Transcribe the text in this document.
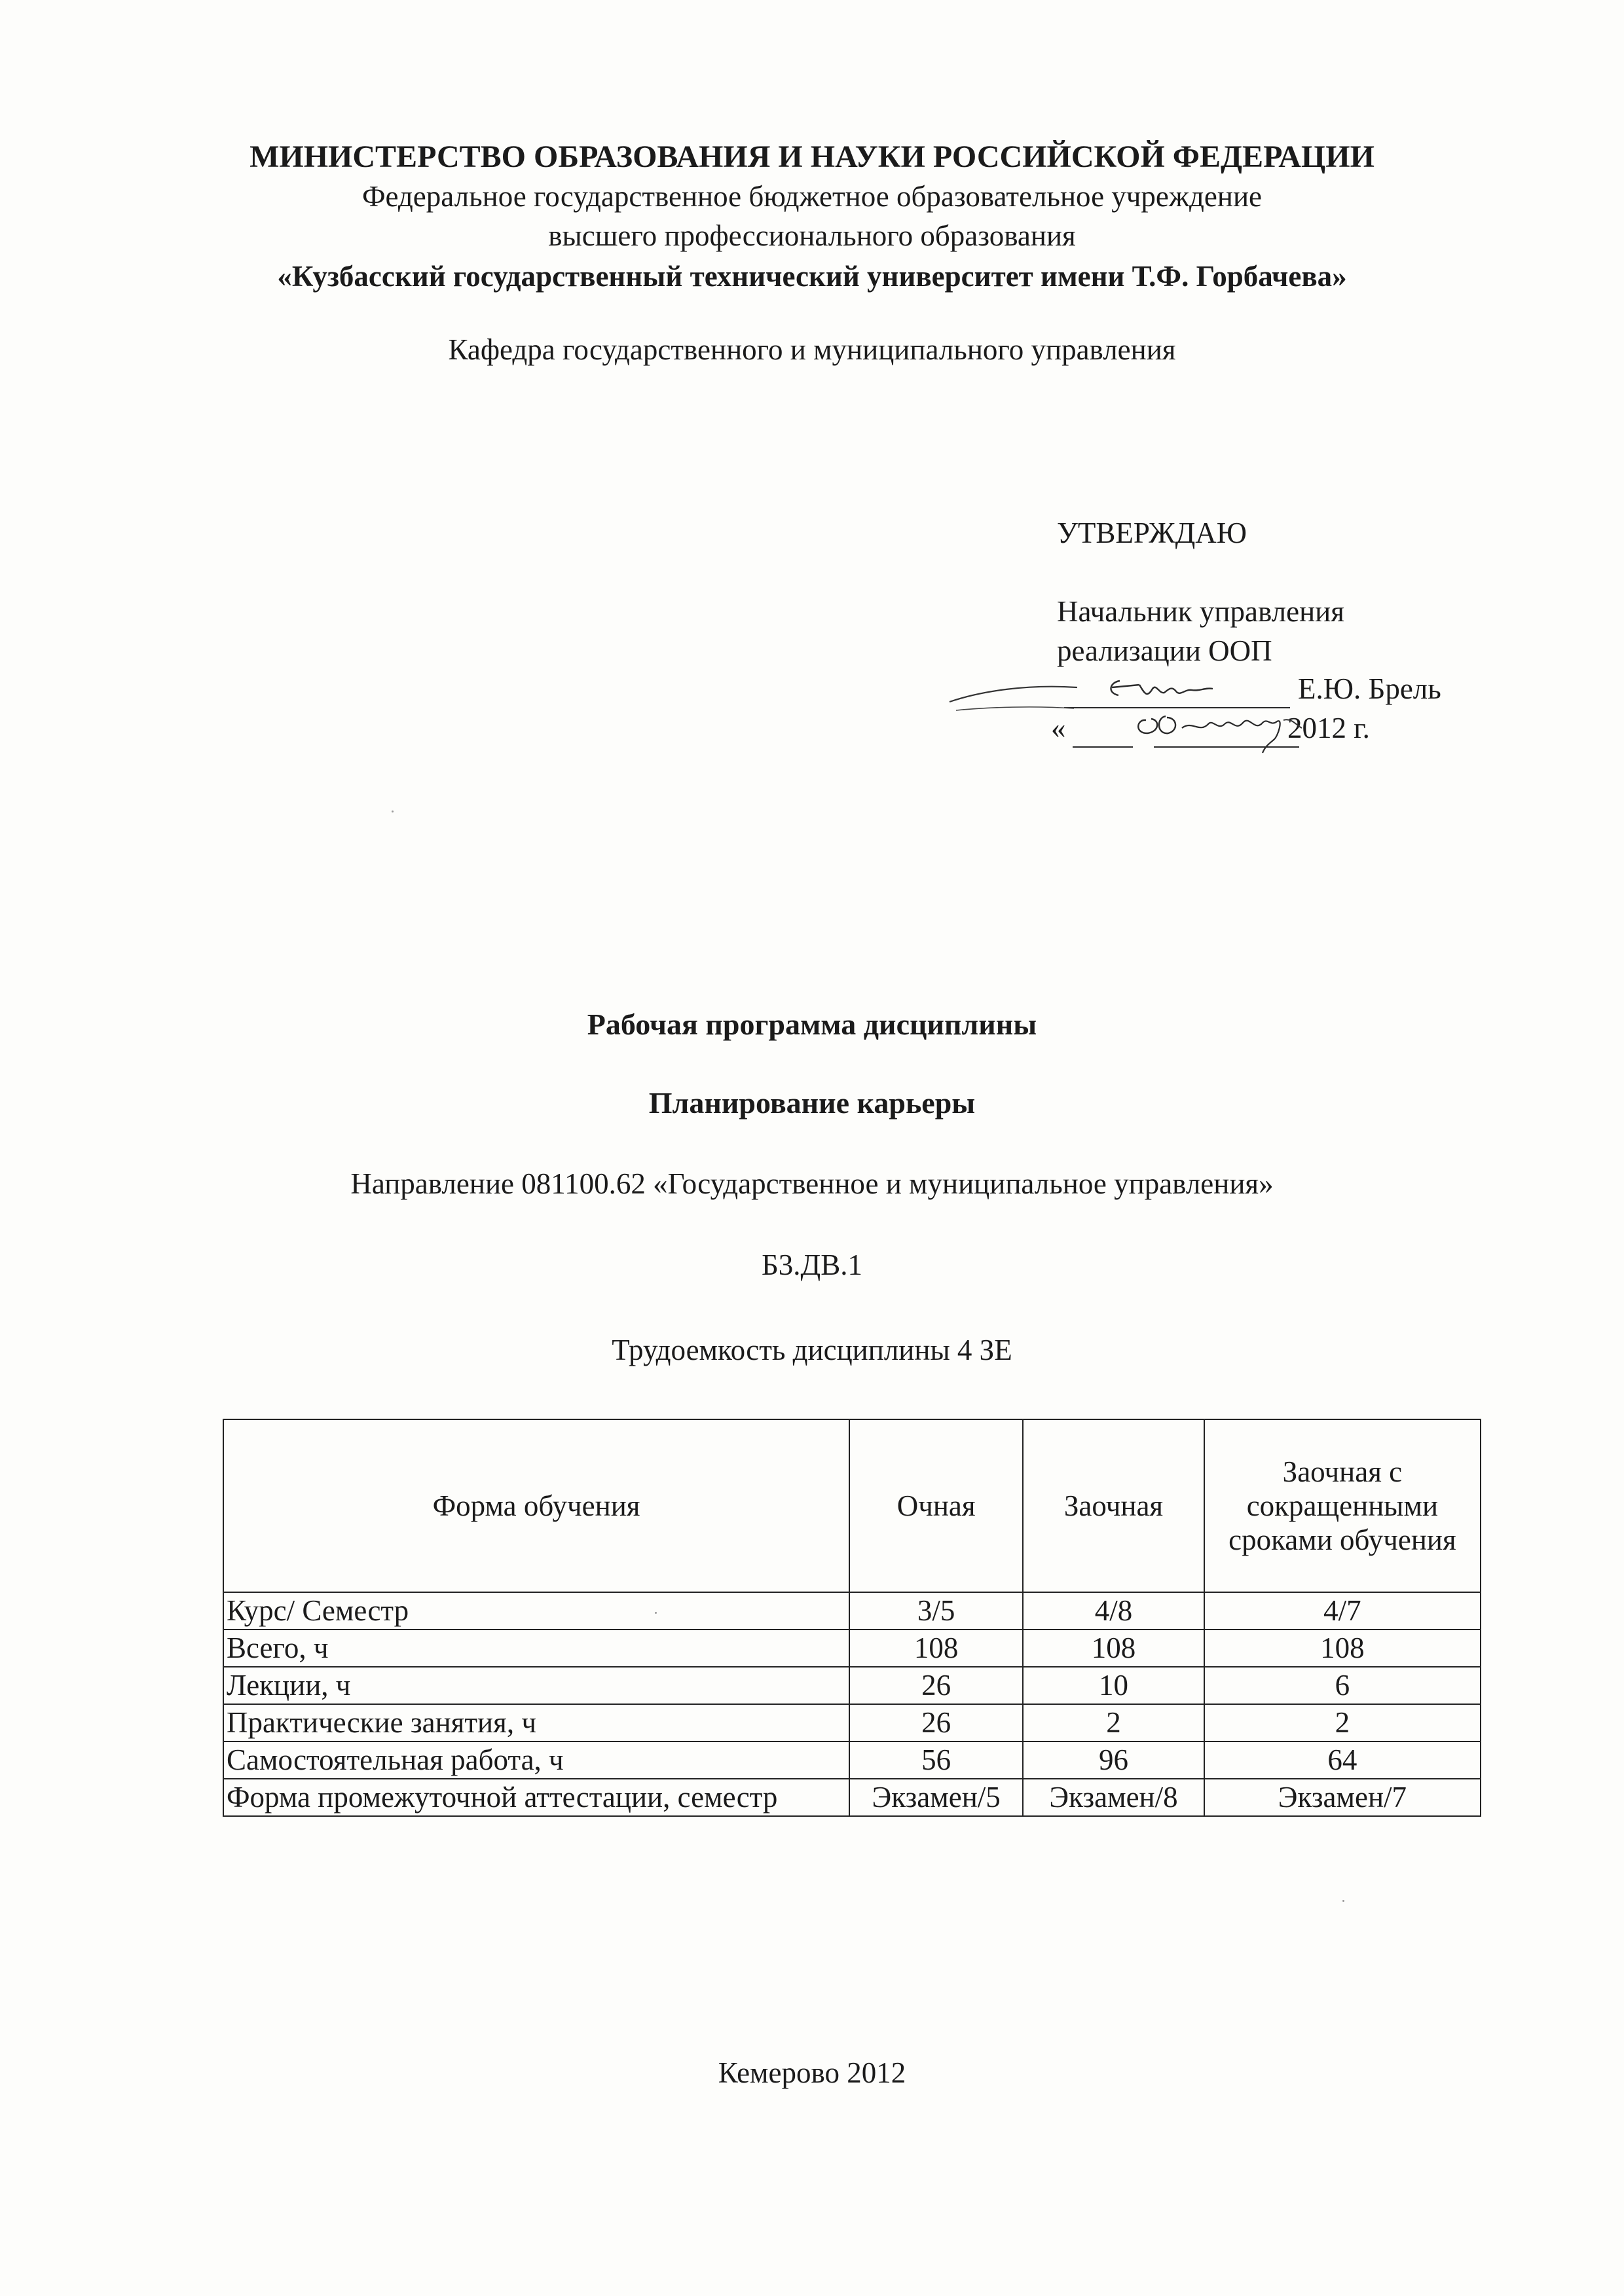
МИНИСТЕРСТВО ОБРАЗОВАНИЯ И НАУКИ РОССИЙСКОЙ ФЕДЕРАЦИИ
Федеральное государственное бюджетное образовательное учреждение
высшего профессионального образования
«Кузбасский государственный технический университет имени Т.Ф. Горбачева»
Кафедра государственного и муниципального управления
УТВЕРЖДАЮ
Начальник управления
реализации ООП
Е.Ю. Брель
«	2012 г.
Рабочая программа дисциплины
Планирование карьеры
Направление 081100.62 «Государственное и муниципальное управления»
Б3.ДВ.1
Трудоемкость дисциплины 4 ЗЕ
Форма обучения	Очная	Заочная	Заочная с сокращенными сроками обучения
Курс/ Семестр	3/5	4/8	4/7
Всего, ч	108	108	108
Лекции, ч	26	10	6
Практические занятия, ч	26	2	2
Самостоятельная работа, ч	56	96	64
Форма промежуточной аттестации, семестр	Экзамен/5	Экзамен/8	Экзамен/7
Кемерово 2012
